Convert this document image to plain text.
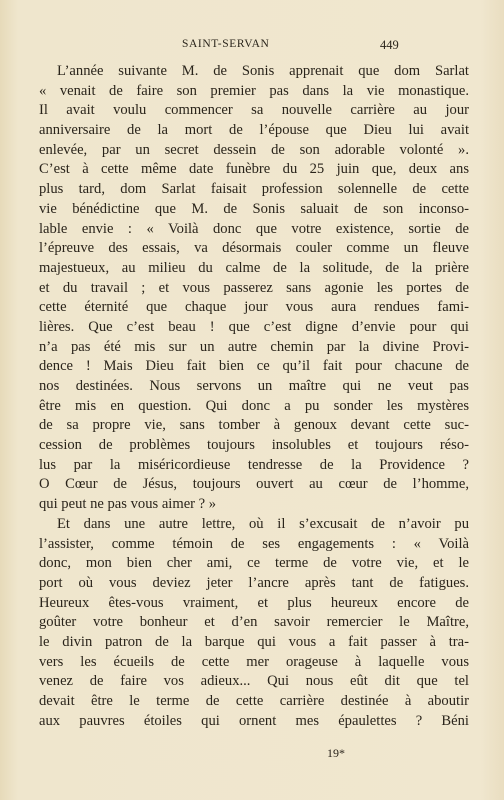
SAINT-SERVAN	449
L’année suivante M. de Sonis apprenait que dom Sarlat
« venait de faire son premier pas dans la vie monastique.
Il avait voulu commencer sa nouvelle carrière au jour
anniversaire de la mort de l’épouse que Dieu lui avait
enlevée, par un secret dessein de son adorable volonté ».
C’est à cette même date funèbre du 25 juin que, deux ans
plus tard, dom Sarlat faisait profession solennelle de cette
vie bénédictine que M. de Sonis saluait de son inconso-
lable envie : « Voilà donc que votre existence, sortie de
l’épreuve des essais, va désormais couler comme un fleuve
majestueux, au milieu du calme de la solitude, de la prière
et du travail ; et vous passerez sans agonie les portes de
cette éternité que chaque jour vous aura rendues fami-
lières. Que c’est beau ! que c’est digne d’envie pour qui
n’a pas été mis sur un autre chemin par la divine Provi-
dence ! Mais Dieu fait bien ce qu’il fait pour chacune de
nos destinées. Nous servons un maître qui ne veut pas
être mis en question. Qui donc a pu sonder les mystères
de sa propre vie, sans tomber à genoux devant cette suc-
cession de problèmes toujours insolubles et toujours réso-
lus par la miséricordieuse tendresse de la Providence ?
O Cœur de Jésus, toujours ouvert au cœur de l’homme,
qui peut ne pas vous aimer ? »
Et dans une autre lettre, où il s’excusait de n’avoir pu
l’assister, comme témoin de ses engagements : « Voilà
donc, mon bien cher ami, ce terme de votre vie, et le
port où vous deviez jeter l’ancre après tant de fatigues.
Heureux êtes-vous vraiment, et plus heureux encore de
goûter votre bonheur et d’en savoir remercier le Maître,
le divin patron de la barque qui vous a fait passer à tra-
vers les écueils de cette mer orageuse à laquelle vous
venez de faire vos adieux... Qui nous eût dit que tel
devait être le terme de cette carrière destinée à aboutir
aux pauvres étoiles qui ornent mes épaulettes ? Béni
19*
